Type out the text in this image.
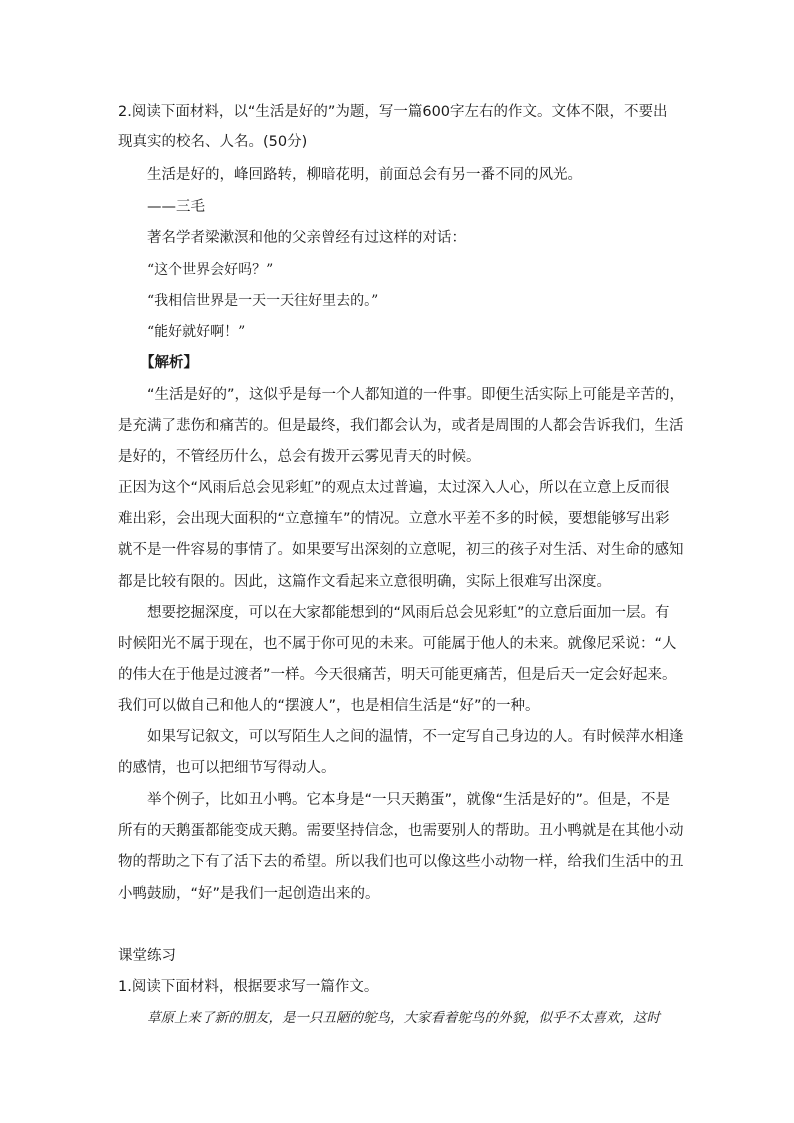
2.阅读下面材料，以“生活是好的”为题，写一篇600字左右的作文。文体不限，不要出
现真实的校名、人名。(50分)
生活是好的，峰回路转，柳暗花明，前面总会有另一番不同的风光。
——三毛
著名学者梁漱溟和他的父亲曾经有过这样的对话：
“这个世界会好吗？”
“我相信世界是一天一天往好里去的。”
“能好就好啊！”
【解析】
“生活是好的”，这似乎是每一个人都知道的一件事。即便生活实际上可能是辛苦的，
是充满了悲伤和痛苦的。但是最终，我们都会认为，或者是周围的人都会告诉我们，生活
是好的，不管经历什么，总会有拨开云雾见青天的时候。
正因为这个“风雨后总会见彩虹”的观点太过普遍，太过深入人心，所以在立意上反而很
难出彩，会出现大面积的“立意撞车”的情况。立意水平差不多的时候，要想能够写出彩
就不是一件容易的事情了。如果要写出深刻的立意呢，初三的孩子对生活、对生命的感知
都是比较有限的。因此，这篇作文看起来立意很明确，实际上很难写出深度。
想要挖掘深度，可以在大家都能想到的“风雨后总会见彩虹”的立意后面加一层。有
时候阳光不属于现在，也不属于你可见的未来。可能属于他人的未来。就像尼采说：“人
的伟大在于他是过渡者”一样。今天很痛苦，明天可能更痛苦，但是后天一定会好起来。
我们可以做自己和他人的“摆渡人”，也是相信生活是“好”的一种。
如果写记叙文，可以写陌生人之间的温情，不一定写自己身边的人。有时候萍水相逢
的感情，也可以把细节写得动人。
举个例子，比如丑小鸭。它本身是“一只天鹅蛋”，就像“生活是好的”。但是，不是
所有的天鹅蛋都能变成天鹅。需要坚持信念，也需要别人的帮助。丑小鸭就是在其他小动
物的帮助之下有了活下去的希望。所以我们也可以像这些小动物一样，给我们生活中的丑
小鸭鼓励，“好”是我们一起创造出来的。
课堂练习
1.阅读下面材料，根据要求写一篇作文。
草原上来了新的朋友，是一只丑陋的鸵鸟，大家看着鸵鸟的外貌，似乎不太喜欢，这时
